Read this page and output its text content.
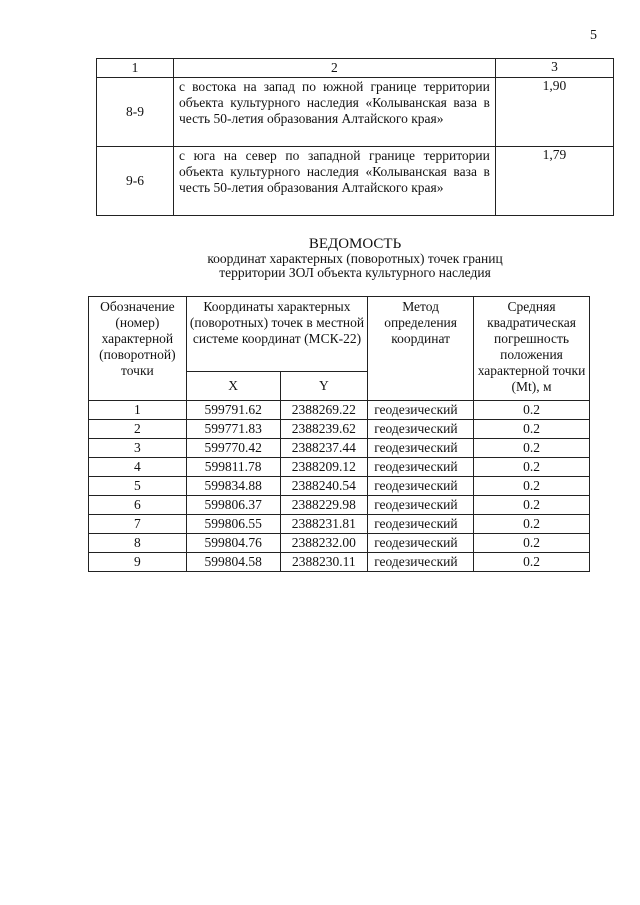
5
1	2	3
8-9	с востока на запад по южной границе территории объекта культурного наследия «Колыванская ваза в честь 50-летия образования Алтайского края»	1,90
9-6	с юга на север по западной границе территории объекта культурного наследия «Колыванская ваза в честь 50-летия образования Алтайского края»	1,79
ВЕДОМОСТЬ
координат характерных (поворотных) точек границ
территории ЗОЛ объекта культурного наследия
Обозначение (номер) характерной (поворотной) точки	Координаты характерных (поворотных) точек в местной системе координат (МСК-22)		Метод определения координат	Средняя квадратическая погрешность положения характерной точки (Mt), м
	X	Y		
1	599791.62	2388269.22	геодезический	0.2
2	599771.83	2388239.62	геодезический	0.2
3	599770.42	2388237.44	геодезический	0.2
4	599811.78	2388209.12	геодезический	0.2
5	599834.88	2388240.54	геодезический	0.2
6	599806.37	2388229.98	геодезический	0.2
7	599806.55	2388231.81	геодезический	0.2
8	599804.76	2388232.00	геодезический	0.2
9	599804.58	2388230.11	геодезический	0.2
